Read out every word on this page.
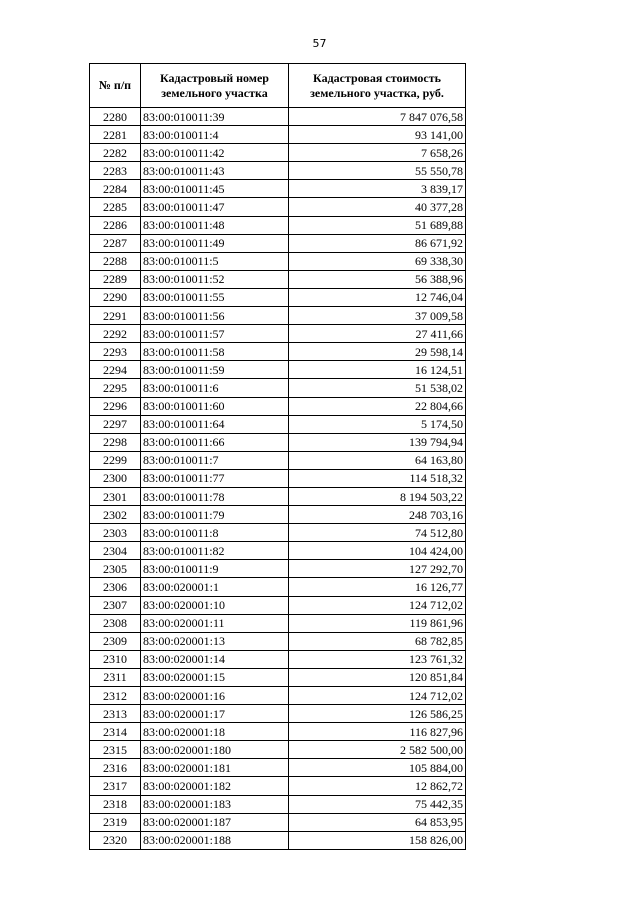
57
№ п/п	Кадастровый номер земельного участка	Кадастровая стоимость земельного участка, руб.
2280	83:00:010011:39	7 847 076,58
2281	83:00:010011:4	93 141,00
2282	83:00:010011:42	7 658,26
2283	83:00:010011:43	55 550,78
2284	83:00:010011:45	3 839,17
2285	83:00:010011:47	40 377,28
2286	83:00:010011:48	51 689,88
2287	83:00:010011:49	86 671,92
2288	83:00:010011:5	69 338,30
2289	83:00:010011:52	56 388,96
2290	83:00:010011:55	12 746,04
2291	83:00:010011:56	37 009,58
2292	83:00:010011:57	27 411,66
2293	83:00:010011:58	29 598,14
2294	83:00:010011:59	16 124,51
2295	83:00:010011:6	51 538,02
2296	83:00:010011:60	22 804,66
2297	83:00:010011:64	5 174,50
2298	83:00:010011:66	139 794,94
2299	83:00:010011:7	64 163,80
2300	83:00:010011:77	114 518,32
2301	83:00:010011:78	8 194 503,22
2302	83:00:010011:79	248 703,16
2303	83:00:010011:8	74 512,80
2304	83:00:010011:82	104 424,00
2305	83:00:010011:9	127 292,70
2306	83:00:020001:1	16 126,77
2307	83:00:020001:10	124 712,02
2308	83:00:020001:11	119 861,96
2309	83:00:020001:13	68 782,85
2310	83:00:020001:14	123 761,32
2311	83:00:020001:15	120 851,84
2312	83:00:020001:16	124 712,02
2313	83:00:020001:17	126 586,25
2314	83:00:020001:18	116 827,96
2315	83:00:020001:180	2 582 500,00
2316	83:00:020001:181	105 884,00
2317	83:00:020001:182	12 862,72
2318	83:00:020001:183	75 442,35
2319	83:00:020001:187	64 853,95
2320	83:00:020001:188	158 826,00
